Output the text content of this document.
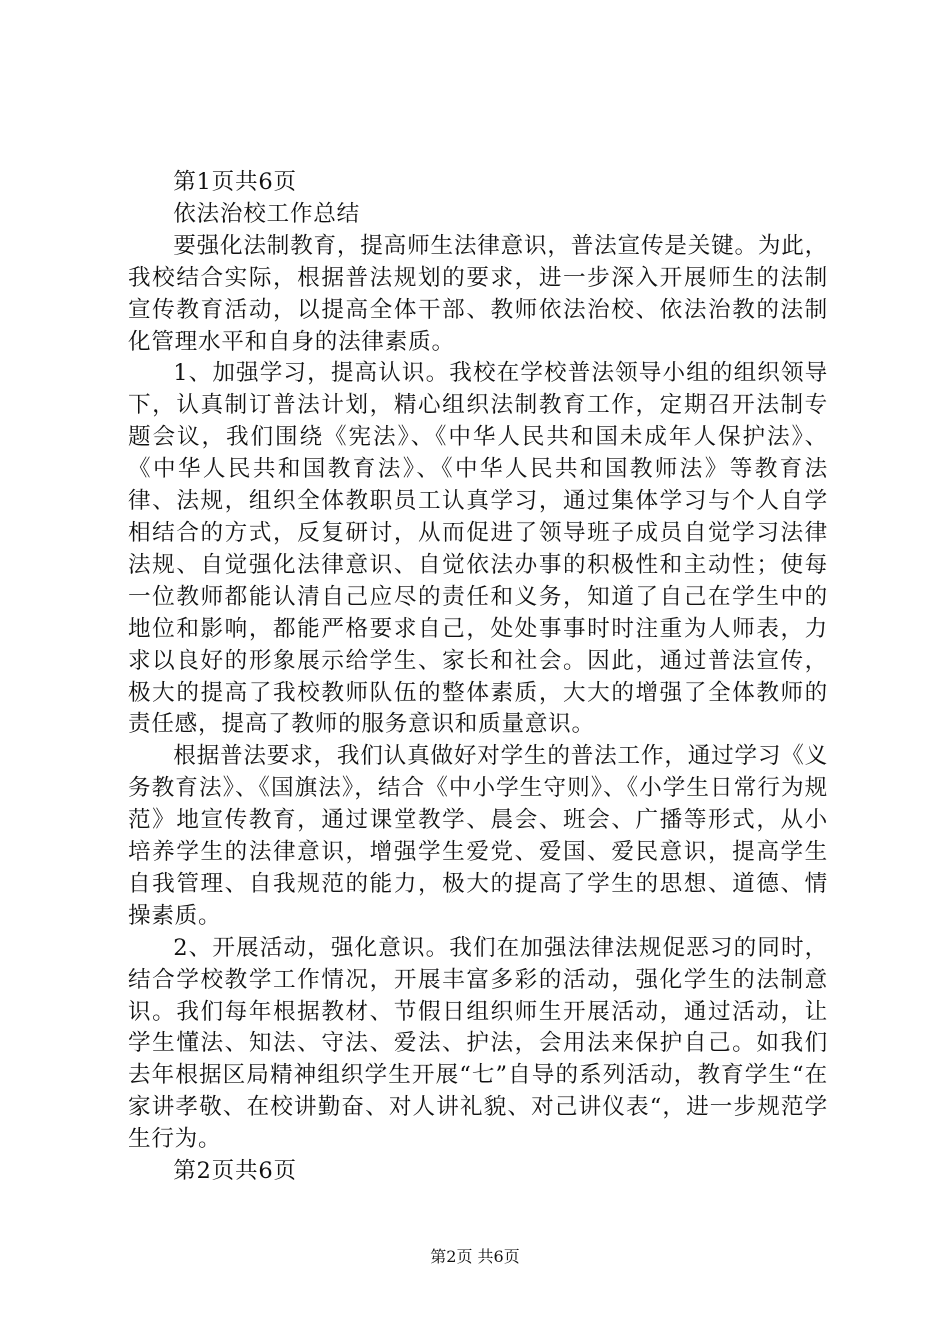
第1页共6页

依法治校工作总结

要强化法制教育，提高师生法律意识，普法宣传是关键。为此，我校结合实际，根据普法规划的要求，进一步深入开展师生的法制宣传教育活动，以提高全体干部、教师依法治校、依法治教的法制化管理水平和自身的法律素质。

1、加强学习，提高认识。我校在学校普法领导小组的组织领导下，认真制订普法计划，精心组织法制教育工作，定期召开法制专题会议，我们围绕《宪法》、《中华人民共和国未成年人保护法》、《中华人民共和国教育法》、《中华人民共和国教师法》等教育法律、法规，组织全体教职员工认真学习，通过集体学习与个人自学相结合的方式，反复研讨，从而促进了领导班子成员自觉学习法律法规、自觉强化法律意识、自觉依法办事的积极性和主动性；使每一位教师都能认清自己应尽的责任和义务，知道了自己在学生中的地位和影响，都能严格要求自己，处处事事时时注重为人师表，力求以良好的形象展示给学生、家长和社会。因此，通过普法宣传，极大的提高了我校教师队伍的整体素质，大大的增强了全体教师的责任感，提高了教师的服务意识和质量意识。

根据普法要求，我们认真做好对学生的普法工作，通过学习《义务教育法》、《国旗法》，结合《中小学生守则》、《小学生日常行为规范》地宣传教育，通过课堂教学、晨会、班会、广播等形式，从小培养学生的法律意识，增强学生爱党、爱国、爱民意识，提高学生自我管理、自我规范的能力，极大的提高了学生的思想、道德、情操素质。

2、开展活动，强化意识。我们在加强法律法规促恶习的同时，结合学校教学工作情况，开展丰富多彩的活动，强化学生的法制意识。我们每年根据教材、节假日组织师生开展活动，通过活动，让学生懂法、知法、守法、爱法、护法，会用法来保护自己。如我们去年根据区局精神组织学生开展“七”自导的系列活动，教育学生“在家讲孝敬、在校讲勤奋、对人讲礼貌、对己讲仪表“，进一步规范学生行为。

第2页共6页

第2页 共6页
